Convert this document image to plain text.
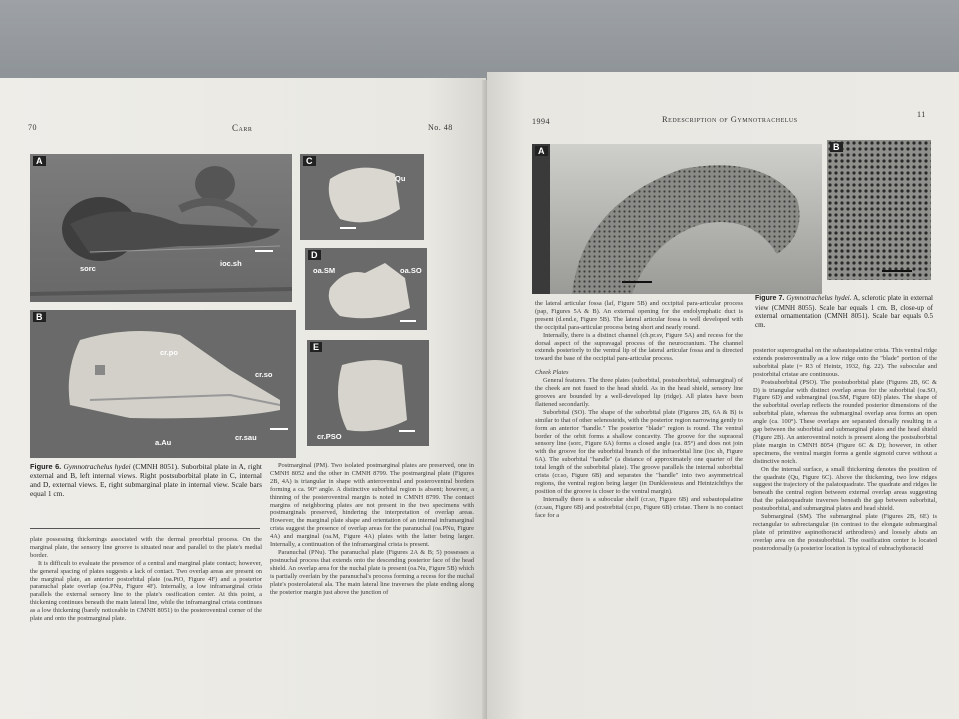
70	Carr	No. 48
A
sorc
ioc.sh
B
cr.po
cr.so
a.Au
cr.sau
C
Qu
D
oa.SM	oa.SO
E
cr.PSO
Figure 6. Gymnotrachelus hydei (CMNH 8051). Suborbital plate in A, right external and B, left internal views. Right postsuborbital plate in C, internal and D, external views. E, right submarginal plate in internal view. Scale bars equal 1 cm.

plate possessing thickenings associated with the dermal preorbital process. On the marginal plate, the sensory line groove is situated near and parallel to the plate's medial border.

It is difficult to evaluate the presence of a central and marginal plate contact; however, the general spacing of plates suggests a lack of contact. Two overlap areas are present on the marginal plate, an anterior postorbital plate (oa.PtO, Figure 4F) and a posterior paranuchal plate overlap (oa.PNu, Figure 4F). Internally, a low inframarginal crista parallels the external sensory line to the plate's ossification center. At this point, a thickening continues beneath the main lateral line, while the inframarginal crista continues as a low thickening (barely noticeable in CMNH 8051) to the posteroventral corner of the plate and onto the postmarginal plate.

Postmarginal (PM). Two isolated postmarginal plates are preserved, one in CMNH 8052 and the other in CMNH 8799. The postmarginal plate (Figures 2B, 4A) is triangular in shape with anteroventral and posteroventral borders forming a ca. 90° angle. A distinctive suborbital region is absent; however, a thinning of the posteroventral margin is noted in CMNH 8799. The contact margins of neighboring plates are not present in the two specimens with postmarginals preserved, hindering the interpretation of overlap areas. However, the marginal plate shape and orientation of an internal inframarginal crista suggest the presence of overlap areas for the paranuchal (oa.PNu, Figure 4A) and marginal (oa.M, Figure 4A) plates with the latter being larger. Internally, a continuation of the inframarginal crista is present.

Paranuchal (PNu). The paranuchal plate (Figures 2A & B; 5) possesses a postnuchal process that extends onto the descending posterior face of the head shield. An overlap area for the nuchal plate is present (oa.Nu, Figure 5B) which is partially overlain by the paranuchal's process forming a recess for the nuchal plate's posterolateral ala. The main lateral line traverses the plate ending along the posterior margin just above the junction of

1994	Redescription of Gymnotrachelus	11
A	B
Figure 7. Gymnotrachelus hydei. A, sclerotic plate in external view (CMNH 8055). Scale bar equals 1 cm. B, close-up of external ornamentation (CMNH 8051). Scale bar equals 0.5 cm.

the lateral articular fossa (laf, Figure 5B) and occipital para-articular process (pap, Figures 5A & B). An external opening for the endolymphatic duct is present (d.end.e, Figure 5B). The lateral articular fossa is well developed with the occipital para-articular process being short and nearly round.

Internally, there is a distinct channel (ch.pr.sv, Figure 5A) and recess for the dorsal aspect of the supravagal process of the neurocranium. The channel extends posteriorly to the ventral lip of the lateral articular fossa and is directed toward the base of the occipital para-articular process.

Cheek Plates

General features. The three plates (suborbital, postsuborbital, submarginal) of the cheek are not fused to the head shield. As in the head shield, sensory line grooves are bounded by a well-developed lip (ridge). All plates have been flattened secondarily.

Suborbital (SO). The shape of the suborbital plate (Figures 2B, 6A & B) is similar to that of other selenosteids, with the posterior region narrowing gently to form an anterior "handle." The posterior "blade" region is round. The ventral border of the orbit forms a shallow concavity. The groove for the supraoral sensory line (sorc, Figure 6A) forms a closed angle (ca. 85°) and does not join with the groove for the suborbital branch of the infraorbital line (ioc sh, Figure 6A). The suborbital "handle" (a distance of approximately one quarter of the total length of the suborbital plate). The groove parallels the internal suborbital crista (cr.so, Figure 6B) and separates the "handle" into two asymmetrical regions, the ventral region being larger (in Dunkleosteus and Heintzichthys the position of the groove is closer to the ventral margin).

Internally there is a subocular shelf (cr.so, Figure 6B) and subautopalatine (cr.sau, Figure 6B) and postorbital (cr.po, Figure 6B) cristae. There is no contact face for a

posterior superognathal on the subautopalatine crista. This ventral ridge extends posteroventrally as a low ridge onto the "blade" portion of the suborbital plate (= R3 of Heintz, 1932, fig. 22). The subocular and postorbital cristae are continuous.

Postsuborbital (PSO). The postsuborbital plate (Figures 2B, 6C & D) is triangular with distinct overlap areas for the suborbital (oa.SO, Figure 6D) and submarginal (oa.SM, Figure 6D) plates. The shape of the suborbital overlap reflects the rounded posterior dimensions of the suborbital plate, whereas the submarginal overlap area forms an open angle (ca. 100°). These overlaps are separated dorsally resulting in a gap between the suborbital and submarginal plates and the head shield (Figure 2B). An anteroventral notch is present along the postsuborbital plate margin in CMNH 8054 (Figure 6C & D); however, in other specimens, the ventral margin forms a gentle sigmoid curve without a distinctive notch.

On the internal surface, a small thickening denotes the position of the quadrate (Qu, Figure 6C). Above the thickening, two low ridges suggest the trajectory of the palatoquadrate. The quadrate and ridges lie beneath the central region between external overlap areas suggesting that the palatoquadrate traverses beneath the gap between suborbital, postsuborbital, and submarginal plates and head shield.

Submarginal (SM). The submarginal plate (Figures 2B, 6E) is rectangular to subrectangular (in contrast to the elongate submarginal plate of primitive aspinothoracid arthrodires) and loosely abuts an overlap area on the postsuborbital. The ossification center is located posterodorsally (a posterior location is typical of eubrachythoracid
